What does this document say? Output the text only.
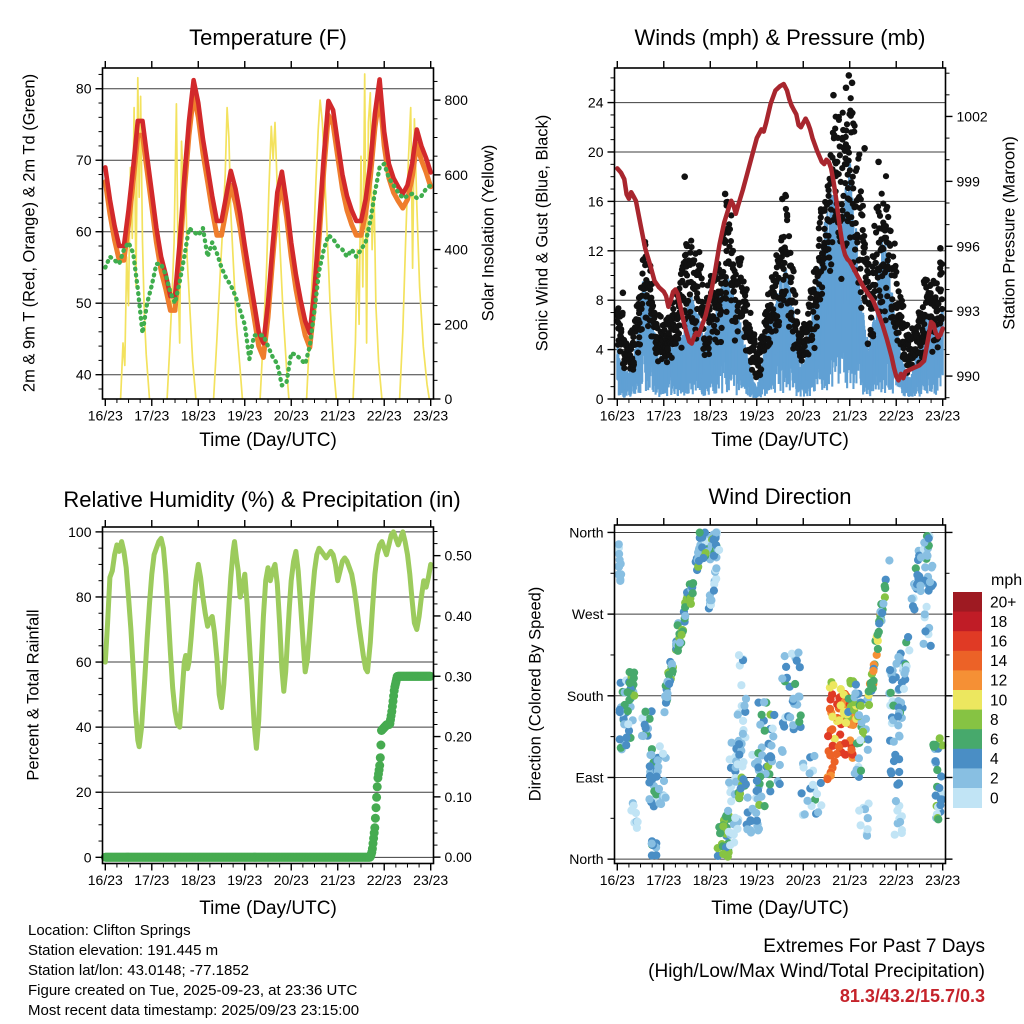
16/23 17/23 18/23 19/23 20/23 21/23 22/23 23/23
40
50
60
70
80
0
200
400
600
800
16/23 17/23 18/23 19/23 20/23 21/23 22/23 23/23
0
4
8
12
16
20
24
990
993
996
999
1002
16/23 17/23 18/23 19/23 20/23 21/23 22/23 23/23
0
20
40
60
80
100
0.00
0.10
0.20
0.30
0.40
0.50
16/23 17/23 18/23 19/23 20/23 21/23 22/23 23/23
North
East
South
West
North
20+
18
16
14
12
10
8
6
4
2
0
Temperature (F)	Winds (mph) & Pressure (mb)
Relative Humidity (%) & Precipitation (in)	Wind Direction
Time (Day/UTC)	Time (Day/UTC)
Time (Day/UTC)	Time (Day/UTC)
2m & 9m T (Red, Orange) & 2m Td (Green)	Solar Insolation (Yellow) Sonic Wind & Gust (Blue, Black)	Station Pressure (Maroon)
Percent & Total Rainfall	Direction (Colored By Speed)
mph
Location: Clifton Springs
Station elevation: 191.445 m
Station lat/lon: 43.0148; -77.1852
Figure created on Tue, 2025-09-23, at 23:36 UTC
Most recent data timestamp: 2025/09/23 23:15:00
Extremes For Past 7 Days
(High/Low/Max Wind/Total Precipitation)
81.3/43.2/15.7/0.3
